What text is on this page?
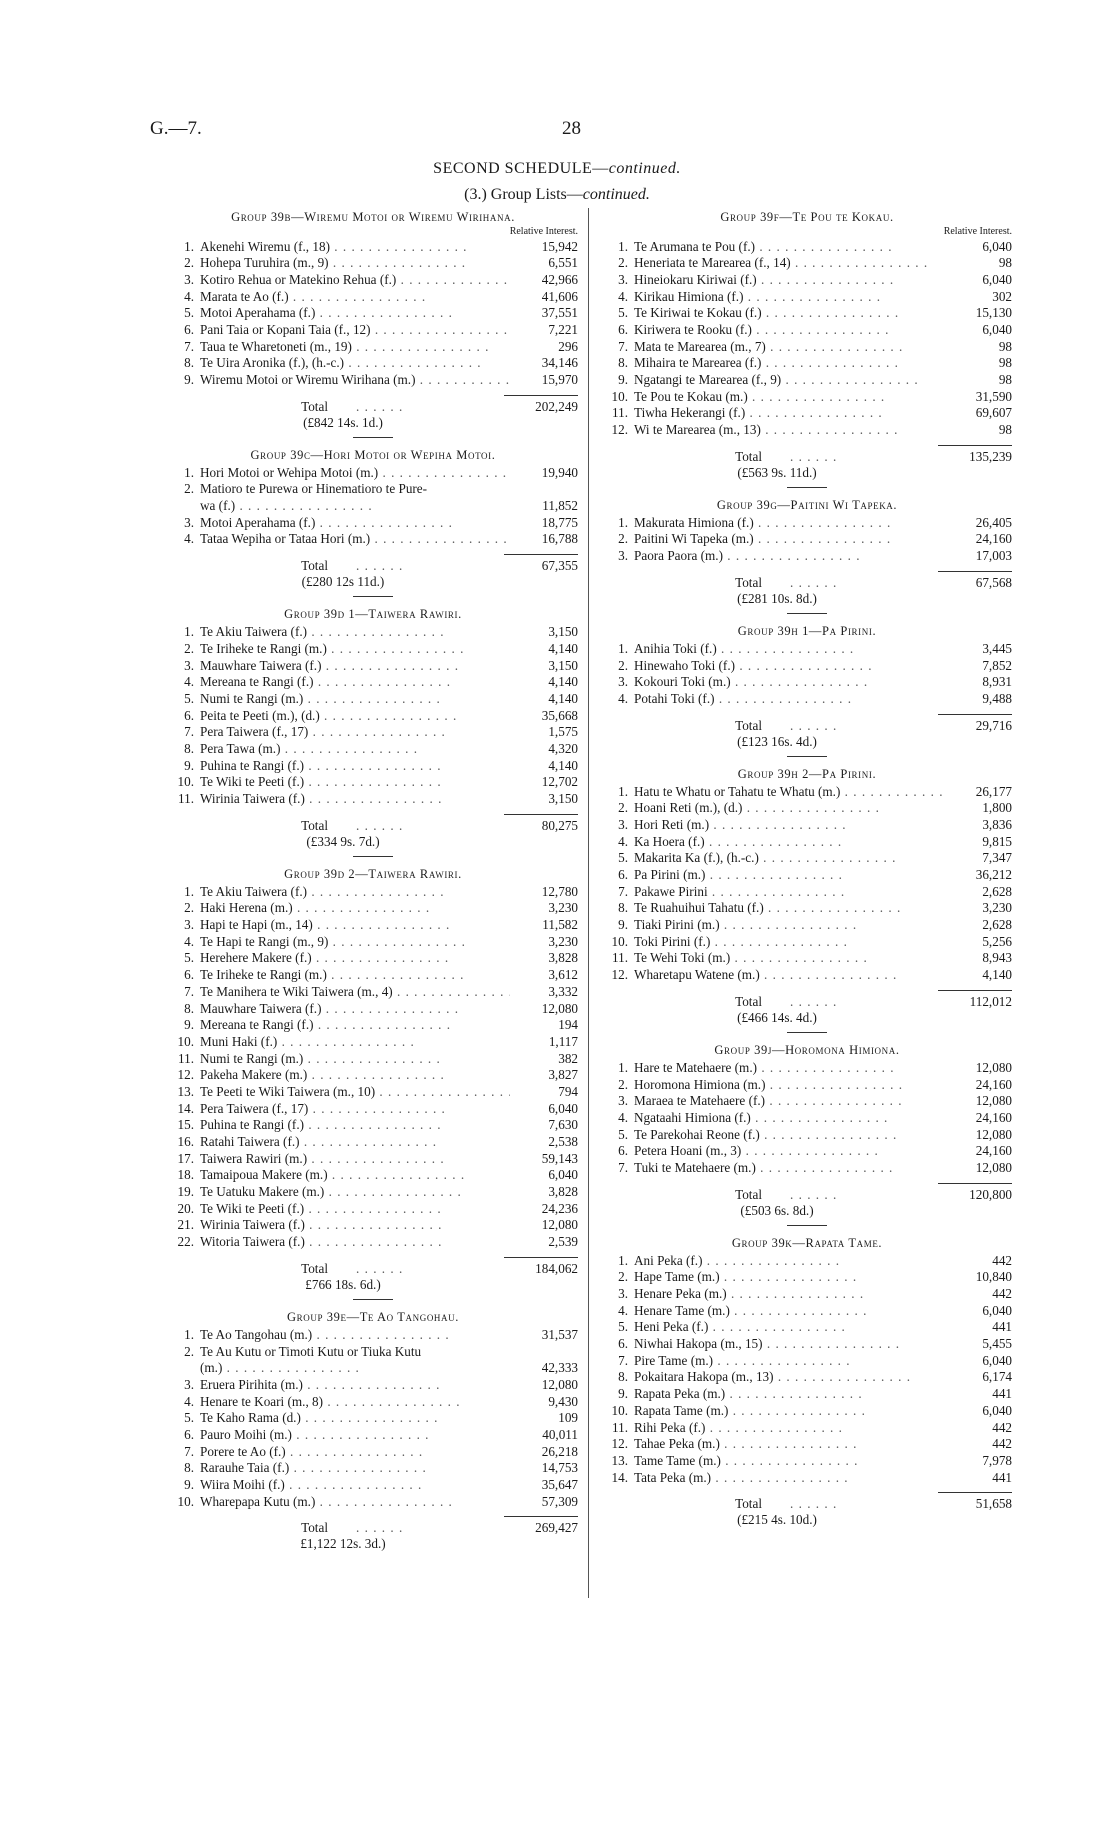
G.—7.	28
SECOND SCHEDULE—continued.
(3.) Group Lists—continued.
Group 39b—Wiremu Motoi or Wiremu Wirihana.
Relative Interest.
1. Akenehi Wiremu (f., 18) . .	15,942
2. Hohepa Turuhira (m., 9) . .	6,551
3. Kotiro Rehua or Matekino Rehua (f.) . .	42,966
4. Marata te Ao (f.) . .	41,606
5. Motoi Aperahama (f.) . .	37,551
6. Pani Taia or Kopani Taia (f., 12) . .	7,221
7. Taua te Wharetoneti (m., 19) . .	296
8. Te Uira Aronika (f.), (h.-c.) . .	34,146
9. Wiremu Motoi or Wiremu Wirihana (m.) . .	15,970
Total	. . . . . .	202,249
(£842 14s. 1d.)
Group 39c—Hori Motoi or Wepiha Motoi.
1. Hori Motoi or Wehipa Motoi (m.) . .	19,940
2. Matioro te Purewa or Hinematioro te Pure-
wa (f.) . .	11,852
3. Motoi Aperahama (f.) . .	18,775
4. Tataa Wepiha or Tataa Hori (m.) . .	16,788
Total	. . . . . .	67,355
(£280 12s 11d.)
Group 39d 1—Taiwera Rawiri.
1. Te Akiu Taiwera (f.) . .	3,150
2. Te Iriheke te Rangi (m.) . .	4,140
3. Mauwhare Taiwera (f.) . .	3,150
4. Mereana te Rangi (f.) . .	4,140
5. Numi te Rangi (m.) . .	4,140
6. Peita te Peeti (m.), (d.) . .	35,668
7. Pera Taiwera (f., 17) . .	1,575
8. Pera Tawa (m.) . .	4,320
9. Puhina te Rangi (f.) . .	4,140
10. Te Wiki te Peeti (f.) . .	12,702
11. Wirinia Taiwera (f.) . .	3,150
Total	. . . . . .	80,275
(£334 9s. 7d.)
Group 39d 2—Taiwera Rawiri.
1. Te Akiu Taiwera (f.) . .	12,780
2. Haki Herena (m.) . .	3,230
3. Hapi te Hapi (m., 14) . .	11,582
4. Te Hapi te Rangi (m., 9) . .	3,230
5. Herehere Makere (f.) . .	3,828
6. Te Iriheke te Rangi (m.) . .	3,612
7. Te Manihera te Wiki Taiwera (m., 4) . .	3,332
8. Mauwhare Taiwera (f.) . .	12,080
9. Mereana te Rangi (f.) . .	194
10. Muni Haki (f.) . .	1,117
11. Numi te Rangi (m.) . .	382
12. Pakeha Makere (m.) . .	3,827
13. Te Peeti te Wiki Taiwera (m., 10) . .	794
14. Pera Taiwera (f., 17) . .	6,040
15. Puhina te Rangi (f.) . .	7,630
16. Ratahi Taiwera (f.) . .	2,538
17. Taiwera Rawiri (m.) . .	59,143
18. Tamaipoua Makere (m.) . .	6,040
19. Te Uatuku Makere (m.) . .	3,828
20. Te Wiki te Peeti (f.) . .	24,236
21. Wirinia Taiwera (f.) . .	12,080
22. Witoria Taiwera (f.) . .	2,539
Total	. . . . . .	184,062
£766 18s. 6d.)
Group 39e—Te Ao Tangohau.
1. Te Ao Tangohau (m.) . .	31,537
2. Te Au Kutu or Timoti Kutu or Tiuka Kutu
(m.) . .	42,333
3. Eruera Pirihita (m.) . .	12,080
4. Henare te Koari (m., 8) . .	9,430
5. Te Kaho Rama (d.) . .	109
6. Pauro Moihi (m.) . .	40,011
7. Porere te Ao (f.) . .	26,218
8. Rarauhe Taia (f.) . .	14,753
9. Wiira Moihi (f.) . .	35,647
10. Wharepapa Kutu (m.) . .	57,309
Total	. . . . . .	269,427
£1,122 12s. 3d.)
Group 39f—Te Pou te Kokau.
Relative Interest.
1. Te Arumana te Pou (f.) . .	6,040
2. Heneriata te Marearea (f., 14) . .	98
3. Hineiokaru Kiriwai (f.) . .	6,040
4. Kirikau Himiona (f.) . .	302
5. Te Kiriwai te Kokau (f.) . .	15,130
6. Kiriwera te Rooku (f.) . .	6,040
7. Mata te Marearea (m., 7) . .	98
8. Mihaira te Marearea (f.) . .	98
9. Ngatangi te Marearea (f., 9) . .	98
10. Te Pou te Kokau (m.) . .	31,590
11. Tiwha Hekerangi (f.) . .	69,607
12. Wi te Marearea (m., 13) . .	98
Total	. . . . . .	135,239
(£563 9s. 11d.)
Group 39g—Paitini Wi Tapeka.
1. Makurata Himiona (f.) . .	26,405
2. Paitini Wi Tapeka (m.) . .	24,160
3. Paora Paora (m.) . .	17,003
Total	. . . . . .	67,568
(£281 10s. 8d.)
Group 39h 1—Pa Pirini.
1. Anihia Toki (f.) . .	3,445
2. Hinewaho Toki (f.) . .	7,852
3. Kokouri Toki (m.) . .	8,931
4. Potahi Toki (f.) . .	9,488
Total	. . . . . .	29,716
(£123 16s. 4d.)
Group 39h 2—Pa Pirini.
1. Hatu te Whatu or Tahatu te Whatu (m.) . .	26,177
2. Hoani Reti (m.), (d.) . .	1,800
3. Hori Reti (m.) . .	3,836
4. Ka Hoera (f.) . .	9,815
5. Makarita Ka (f.), (h.-c.) . .	7,347
6. Pa Pirini (m.) . .	36,212
7. Pakawe Pirini . .	2,628
8. Te Ruahuihui Tahatu (f.) . .	3,230
9. Tiaki Pirini (m.) . .	2,628
10. Toki Pirini (f.) . .	5,256
11. Te Wehi Toki (m.) . .	8,943
12. Wharetapu Watene (m.) . .	4,140
Total	. . . . . .	112,012
(£466 14s. 4d.)
Group 39j—Horomona Himiona.
1. Hare te Matehaere (m.) . .	12,080
2. Horomona Himiona (m.) . .	24,160
3. Maraea te Matehaere (f.) . .	12,080
4. Ngataahi Himiona (f.) . .	24,160
5. Te Parekohai Reone (f.) . .	12,080
6. Petera Hoani (m., 3) . .	24,160
7. Tuki te Matehaere (m.) . .	12,080
Total	. . . . . .	120,800
(£503 6s. 8d.)
Group 39k—Rapata Tame.
1. Ani Peka (f.) . .	442
2. Hape Tame (m.) . .	10,840
3. Henare Peka (m.) . .	442
4. Henare Tame (m.) . .	6,040
5. Heni Peka (f.) . .	441
6. Niwhai Hakopa (m., 15) . .	5,455
7. Pire Tame (m.) . .	6,040
8. Pokaitara Hakopa (m., 13) . .	6,174
9. Rapata Peka (m.) . .	441
10. Rapata Tame (m.) . .	6,040
11. Rihi Peka (f.) . .	442
12. Tahae Peka (m.) . .	442
13. Tame Tame (m.) . .	7,978
14. Tata Peka (m.) . .	441
Total	. . . . . .	51,658
(£215 4s. 10d.)
